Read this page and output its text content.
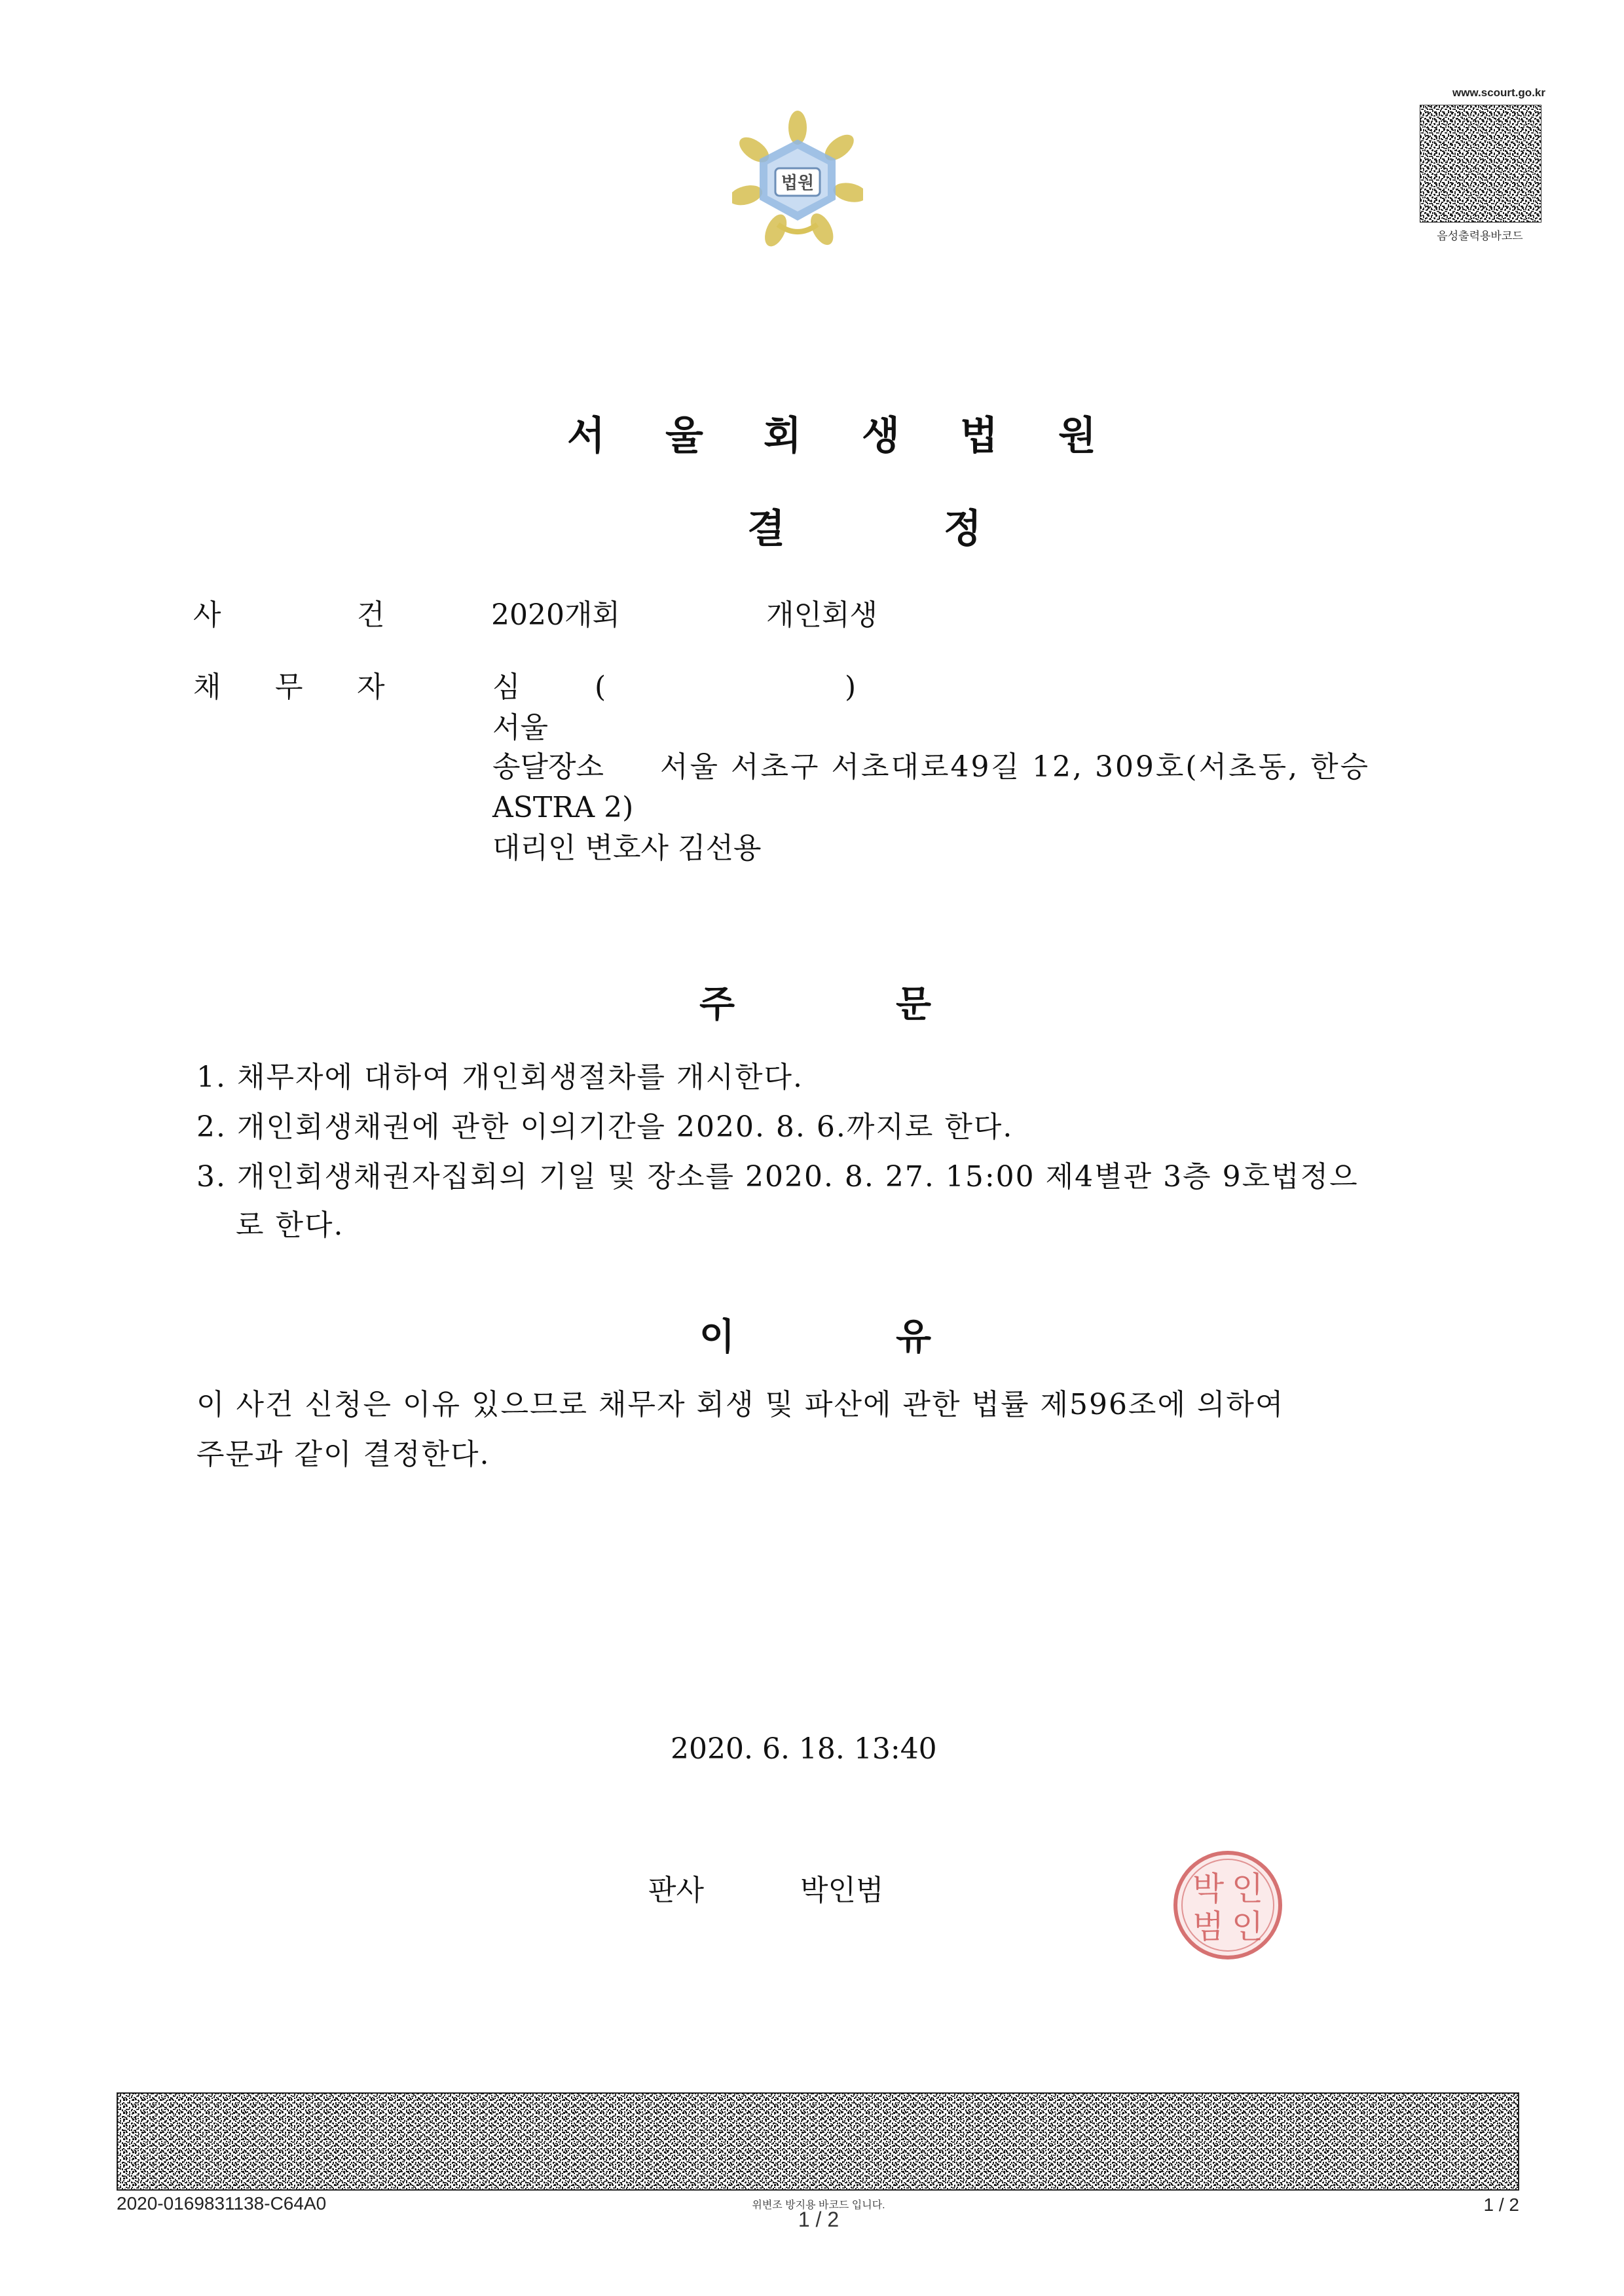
법원
www.scourt.go.kr
음성출력용바코드
서 울 회 생 법 원
결	정
사	건	2020개회	개인회생
채 무 자	심	(	)
서울
송달장소 서울 서초구 서초대로49길 12, 309호(서초동, 한승
ASTRA 2)
대리인 변호사 김선용
주	문
1. 채무자에 대하여 개인회생절차를 개시한다.
2. 개인회생채권에 관한 이의기간을 2020. 8. 6.까지로 한다.
3. 개인회생채권자집회의 기일 및 장소를 2020. 8. 27. 15:00 제4별관 3층 9호법정으
로 한다.
이	유
이 사건 신청은 이유 있으므로 채무자 회생 및 파산에 관한 법률 제596조에 의하여
주문과 같이 결정한다.
2020. 6. 18. 13:40
판사	박인범	박 인
범 인
2020-0169831138-C64A0	위변조 방지용 바코드 입니다.
1 / 2
1 / 2
